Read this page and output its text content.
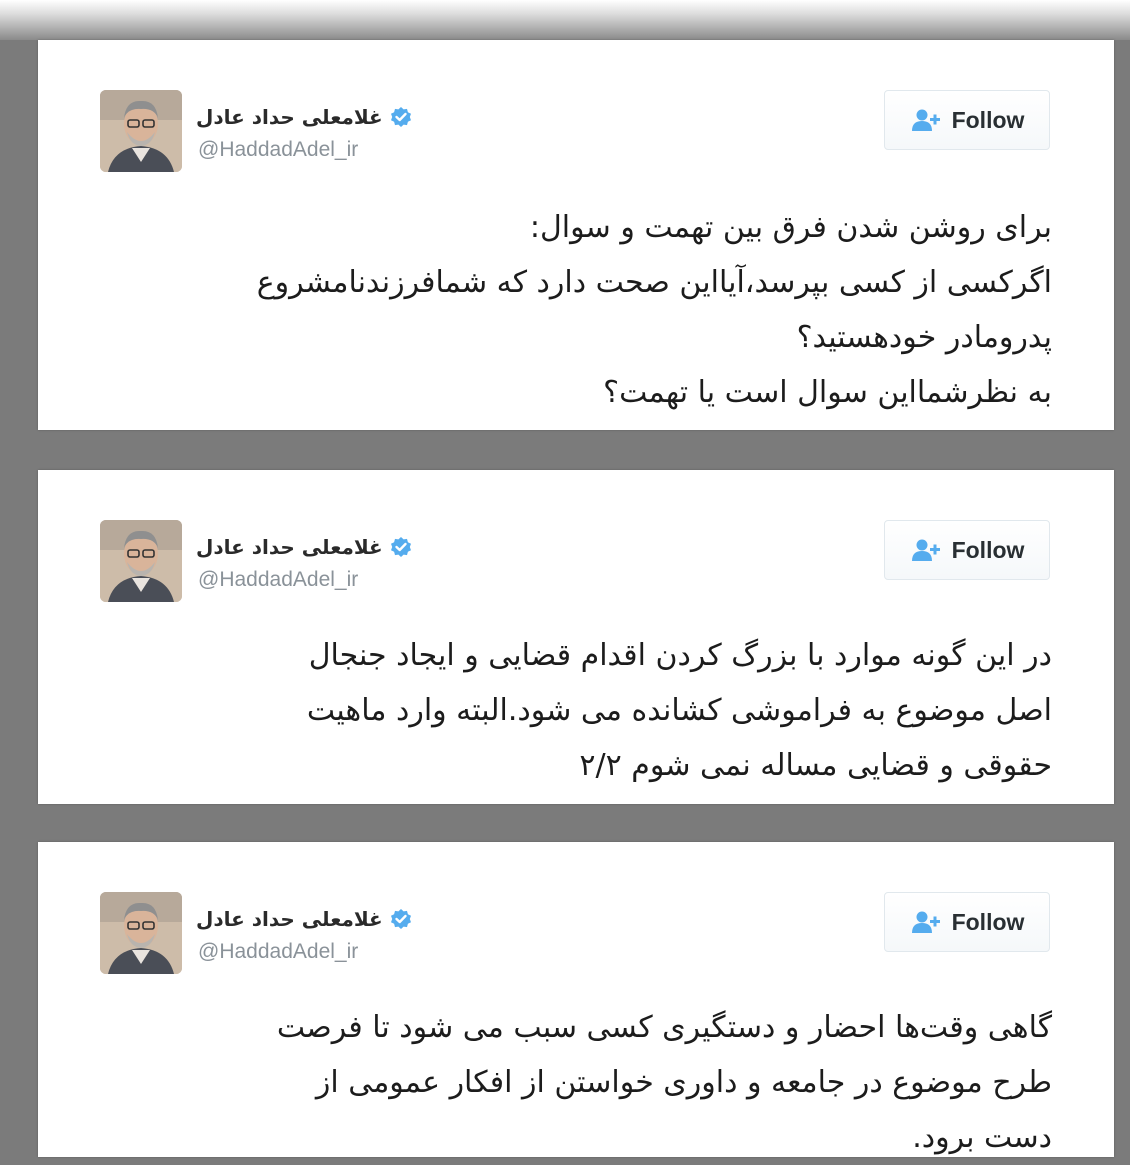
غلامعلی حداد عادل
@HaddadAdel_ir
Follow
برای روشن شدن فرق بین تهمت و سوال:
اگرکسی از کسی بپرسد،آیااین صحت دارد که شمافرزندنامشروع
پدرومادر خودهستید؟
به نظرشمااین سوال است یا تهمت؟
غلامعلی حداد عادل
@HaddadAdel_ir
Follow
در این گونه موارد با بزرگ کردن اقدام قضایی و ایجاد جنجال
اصل موضوع به فراموشی کشانده می شود.البته وارد ماهیت
حقوقی و قضایی مساله نمی شوم ۲/۲
غلامعلی حداد عادل
@HaddadAdel_ir
Follow
گاهی وقت‌ها احضار و دستگیری کسی سبب می شود تا فرصت
طرح موضوع در جامعه و داوری خواستن از افکار عمومی از
دست برود.
